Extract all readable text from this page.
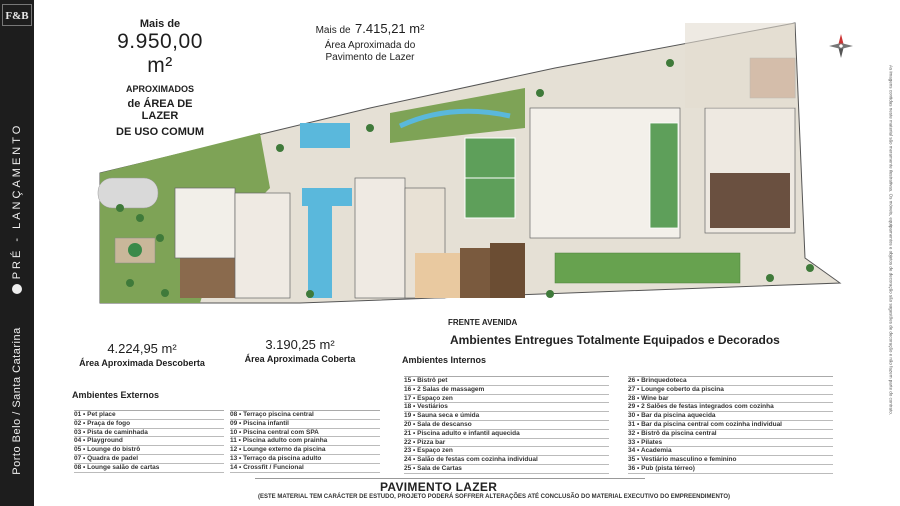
F&B
PRÉ - LANÇAMENTO
Porto Belo / Santa Catarina
Mais de
9.950,00 m²
APROXIMADOS
de ÁREA DE LAZER
DE USO COMUM
Mais de 7.415,21 m²
Área Aproximada do
Pavimento de Lazer
FRENTE AVENIDA
Ambientes Entregues Totalmente Equipados e Decorados
4.224,95 m²
Área Aproximada Descoberta
3.190,25 m²
Área Aproximada Coberta
Ambientes Externos
01 • Pet place
02 • Praça de fogo
03 • Pista de caminhada
04 • Playground
05 • Lounge do bistrô
07 • Quadra de padel
08 • Lounge salão de cartas
08 • Terraço piscina central
09 • Piscina infantil
10 • Piscina central com SPA
11 • Piscina adulto com prainha
12 • Lounge externo da piscina
13 • Terraço da piscina adulto
14 • Crossfit / Funcional
Ambientes Internos
15 • Bistrô pet
16 • 2 Salas de massagem
17 • Espaço zen
18 • Vestiários
19 • Sauna seca e úmida
20 • Sala de descanso
21 • Piscina adulto e infantil aquecida
22 • Pizza bar
23 • Espaço zen
24 • Salão de festas com cozinha individual
25 • Sala de Cartas
26 • Brinquedoteca
27 • Lounge coberto da piscina
28 • Wine bar
29 • 2 Salões de festas integrados com cozinha
30 • Bar da piscina aquecida
31 • Bar da piscina central com cozinha individual
32 • Bistrô da piscina central
33 • Pilates
34 • Academia
35 • Vestiário masculino e feminino
36 • Pub (pista térreo)
PAVIMENTO LAZER
(ESTE MATERIAL TEM CARÁCTER DE ESTUDO, PROJETO PODERÁ SOFFRER ALTERAÇÕES ATÉ CONCLUSÃO DO MATERIAL EXECUTIVO DO EMPREENDIMENTO)
As imagens contidas neste material são meramente ilustrativas. Os móveis, equipamentos e objetos de decoração são sugestões de decoração e não fazem parte do contrato.
